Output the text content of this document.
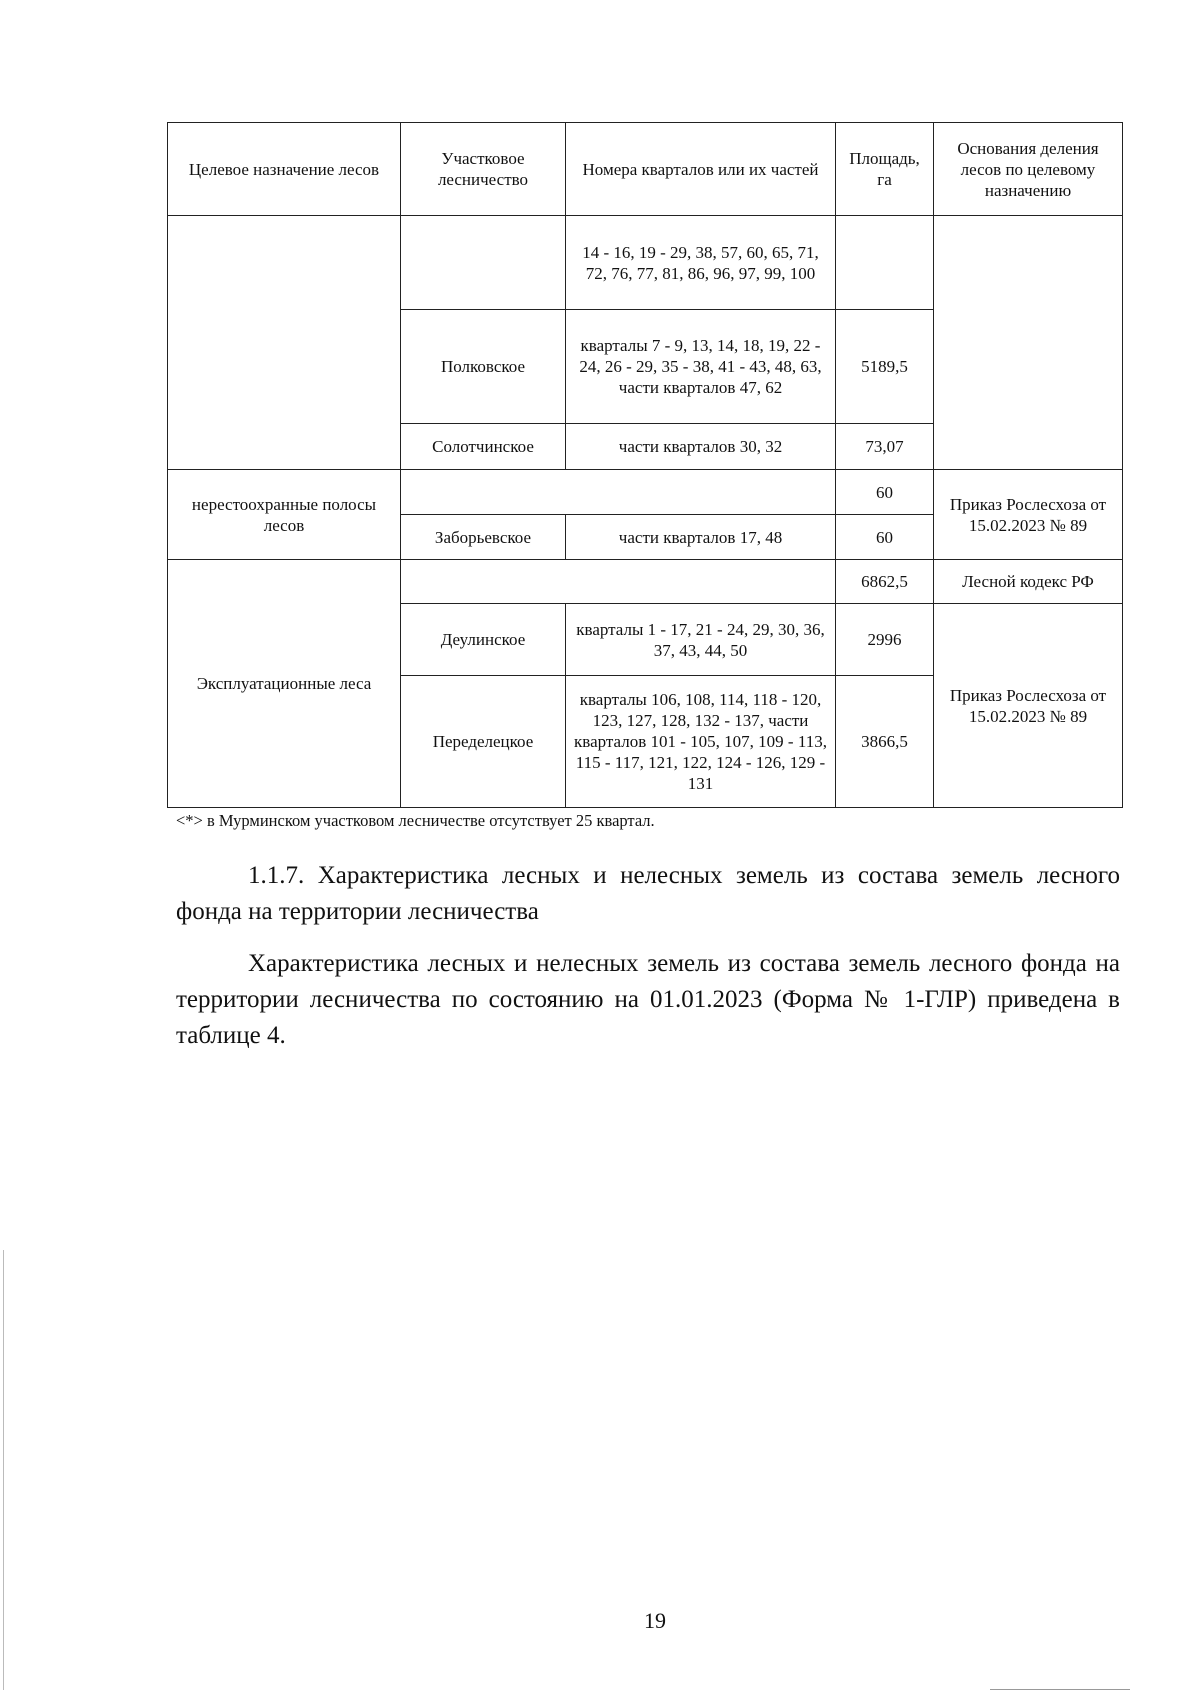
Целевое назначение лесов	Участковое лесничество	Номера кварталов или их частей	Площадь, га	Основания деления лесов по целевому назначению
		14 - 16, 19 - 29, 38, 57, 60, 65, 71, 72, 76, 77, 81, 86, 96, 97, 99, 100		
	Полковское	кварталы 7 - 9, 13, 14, 18, 19, 22 - 24, 26 - 29, 35 - 38, 41 - 43, 48, 63, части кварталов 47, 62	5189,5	
	Солотчинское	части кварталов 30, 32	73,07	
нерестоохранные полосы лесов			60	Приказ Рослесхоза от 15.02.2023 № 89
	Заборьевское	части кварталов 17, 48	60	
Эксплуатационные леса			6862,5	Лесной кодекс РФ
	Деулинское	кварталы 1 - 17, 21 - 24, 29, 30, 36, 37, 43, 44, 50	2996	Приказ Рослесхоза от 15.02.2023 № 89
	Переделецкое	кварталы 106, 108, 114, 118 - 120, 123, 127, 128, 132 - 137, части кварталов 101 - 105, 107, 109 - 113, 115 - 117, 121, 122, 124 - 126, 129 - 131	3866,5	
<*> в Мурминском участковом лесничестве отсутствует 25 квартал.
1.1.7. Характеристика лесных и нелесных земель из состава земель лесного фонда на территории лесничества
Характеристика лесных и нелесных земель из состава земель лесного фонда на территории лесничества по состоянию на 01.01.2023 (Форма № 1-ГЛР) приведена в таблице 4.
19
